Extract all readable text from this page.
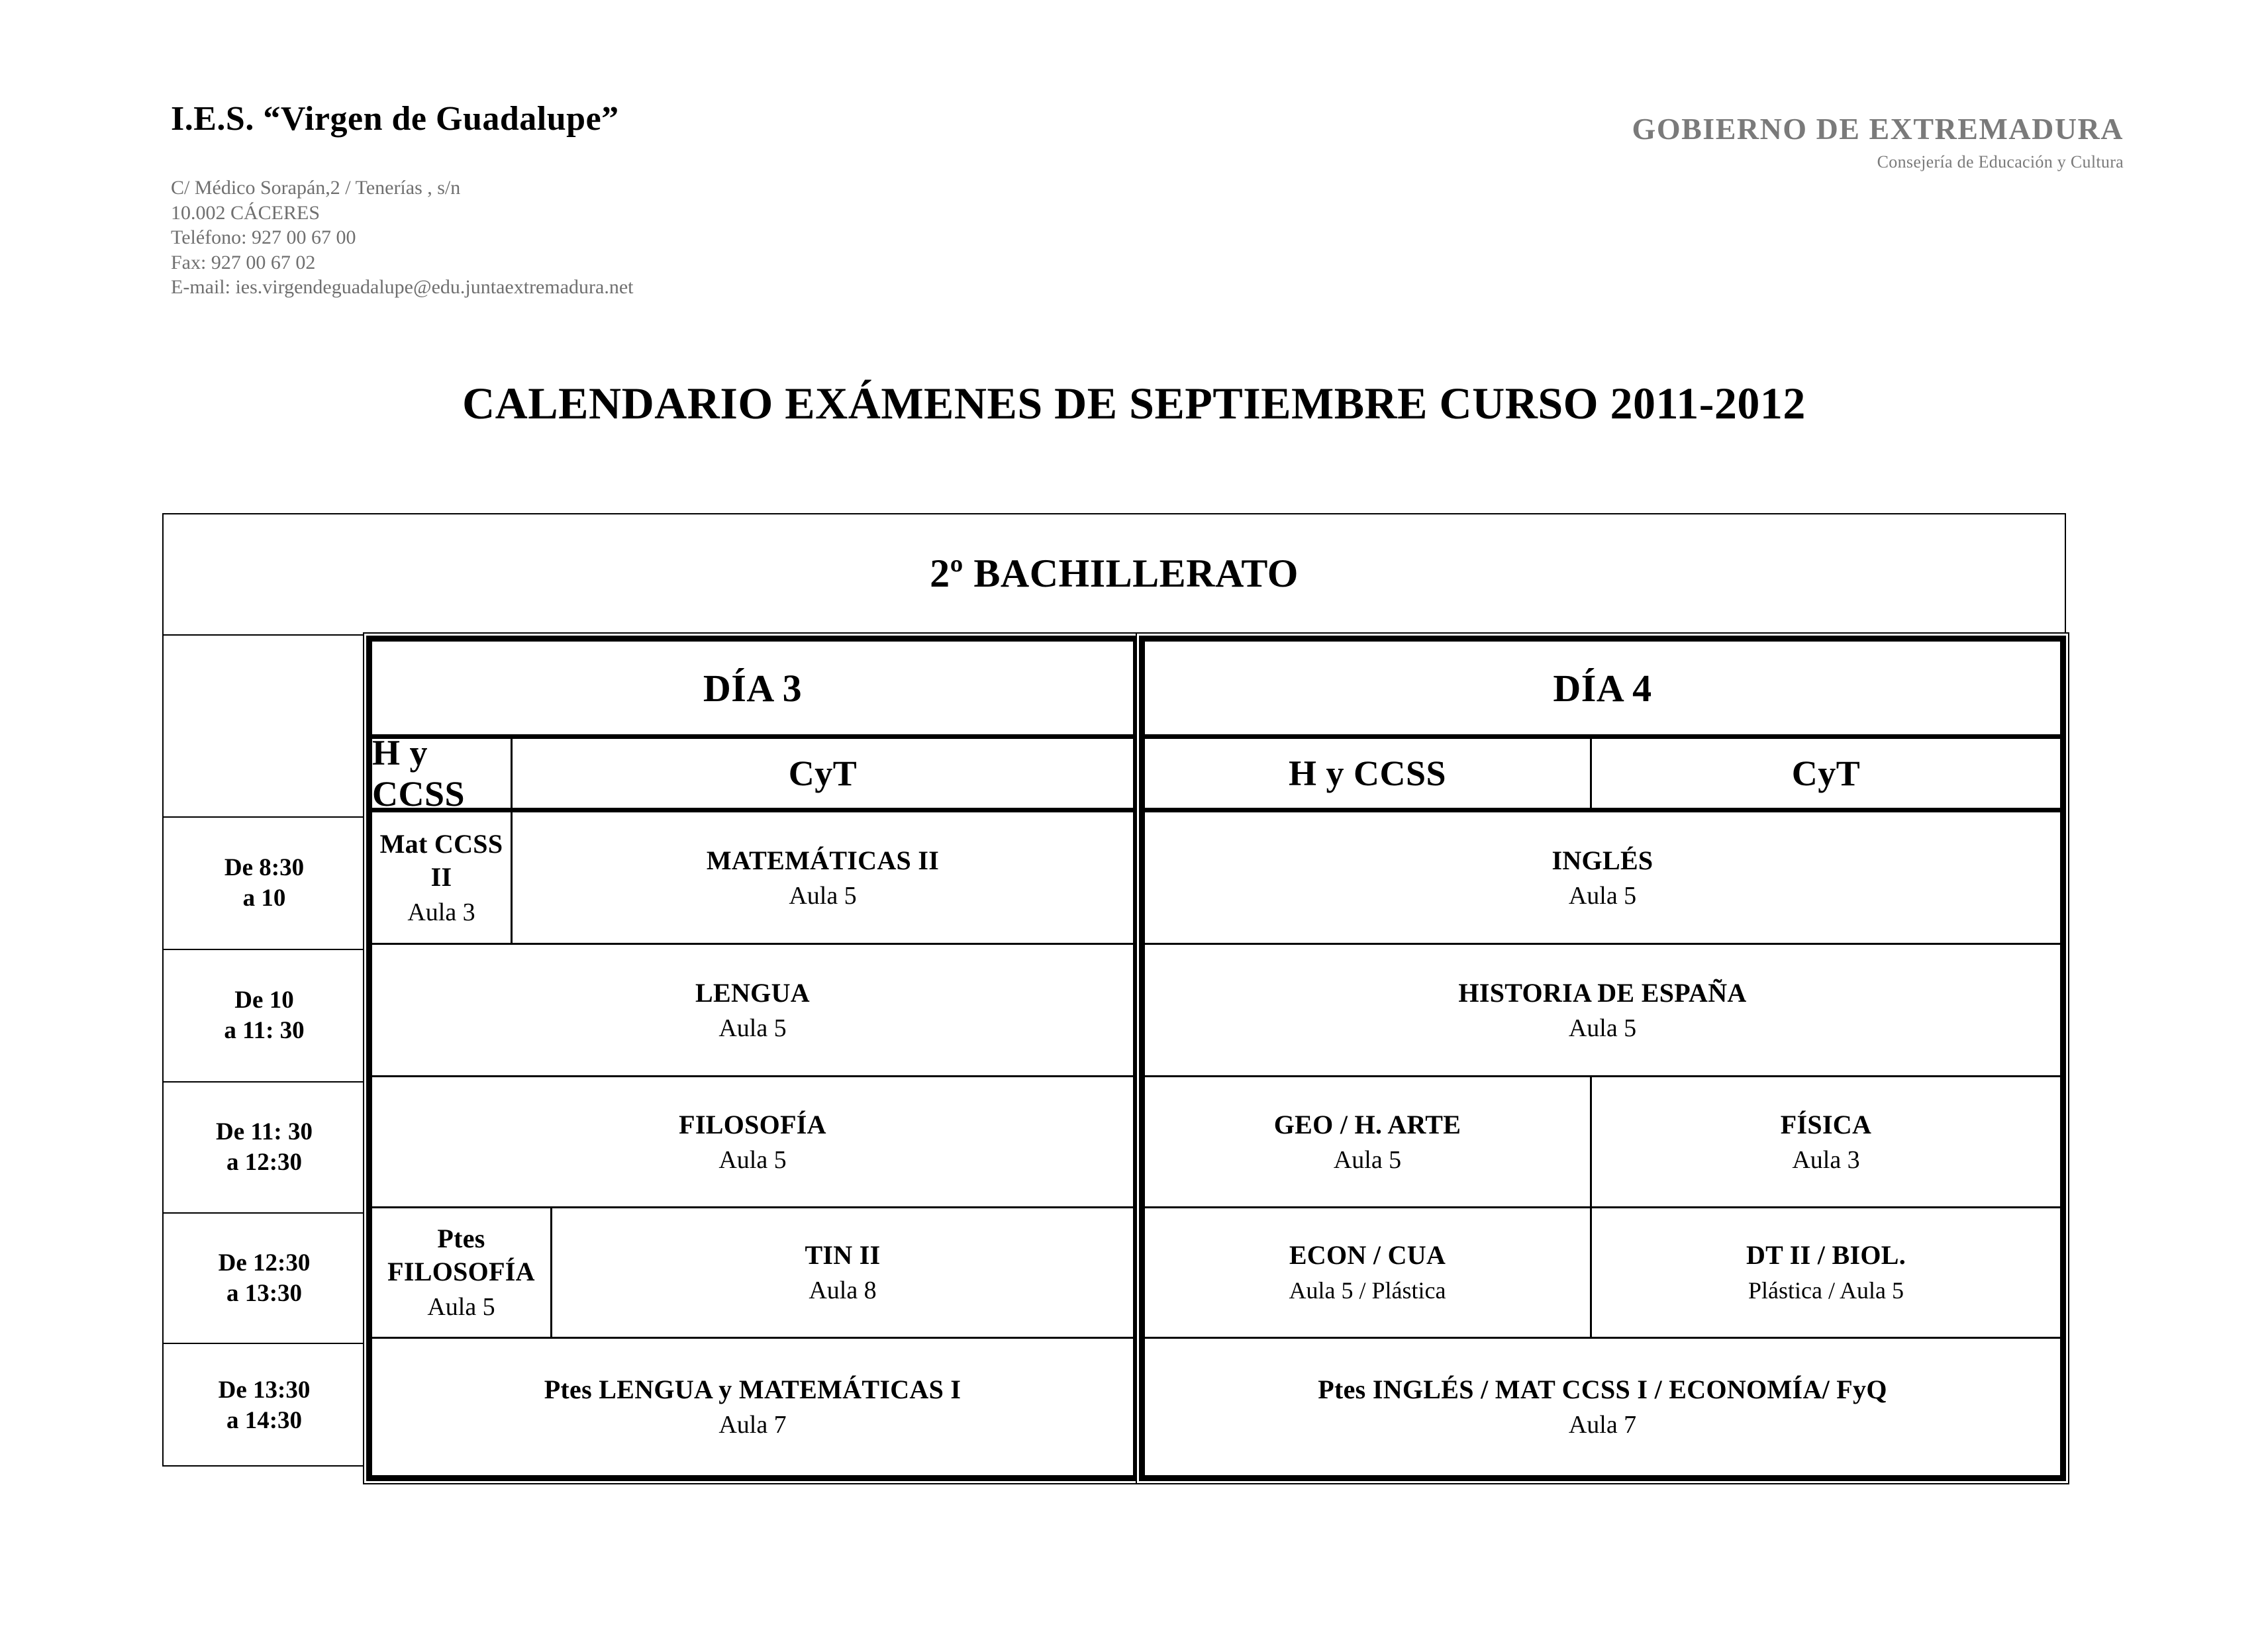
I.E.S. “Virgen de Guadalupe”
C/ Médico Sorapán,2 / Tenerías , s/n
10.002 CÁCERES
Teléfono: 927 00 67 00
Fax: 927 00 67 02
E-mail: ies.virgendeguadalupe@edu.juntaextremadura.net
GOBIERNO DE EXTREMADURA
Consejería de Educación y Cultura
CALENDARIO EXÁMENES DE SEPTIEMBRE CURSO 2011-2012
2º BACHILLERATO
De 8:30
a 10
De 10
a 11: 30
De 11: 30
a 12:30
De 12:30
a 13:30
De 13:30
a 14:30
DÍA 3
H y CCSS
CyT
Mat CCSS II
Aula 3
MATEMÁTICAS II
Aula 5
LENGUA
Aula 5
FILOSOFÍA
Aula 5
Ptes FILOSOFÍA
Aula 5
TIN II
Aula 8
Ptes LENGUA y MATEMÁTICAS I
Aula 7
DÍA 4
H y CCSS	CyT
INGLÉS
Aula 5
HISTORIA DE ESPAÑA
Aula 5
GEO / H. ARTE
Aula 5
FÍSICA
Aula 3
ECON / CUA
Aula 5 / Plástica
DT II / BIOL.
Plástica / Aula 5
Ptes INGLÉS / MAT CCSS I / ECONOMÍA/ FyQ
Aula 7
